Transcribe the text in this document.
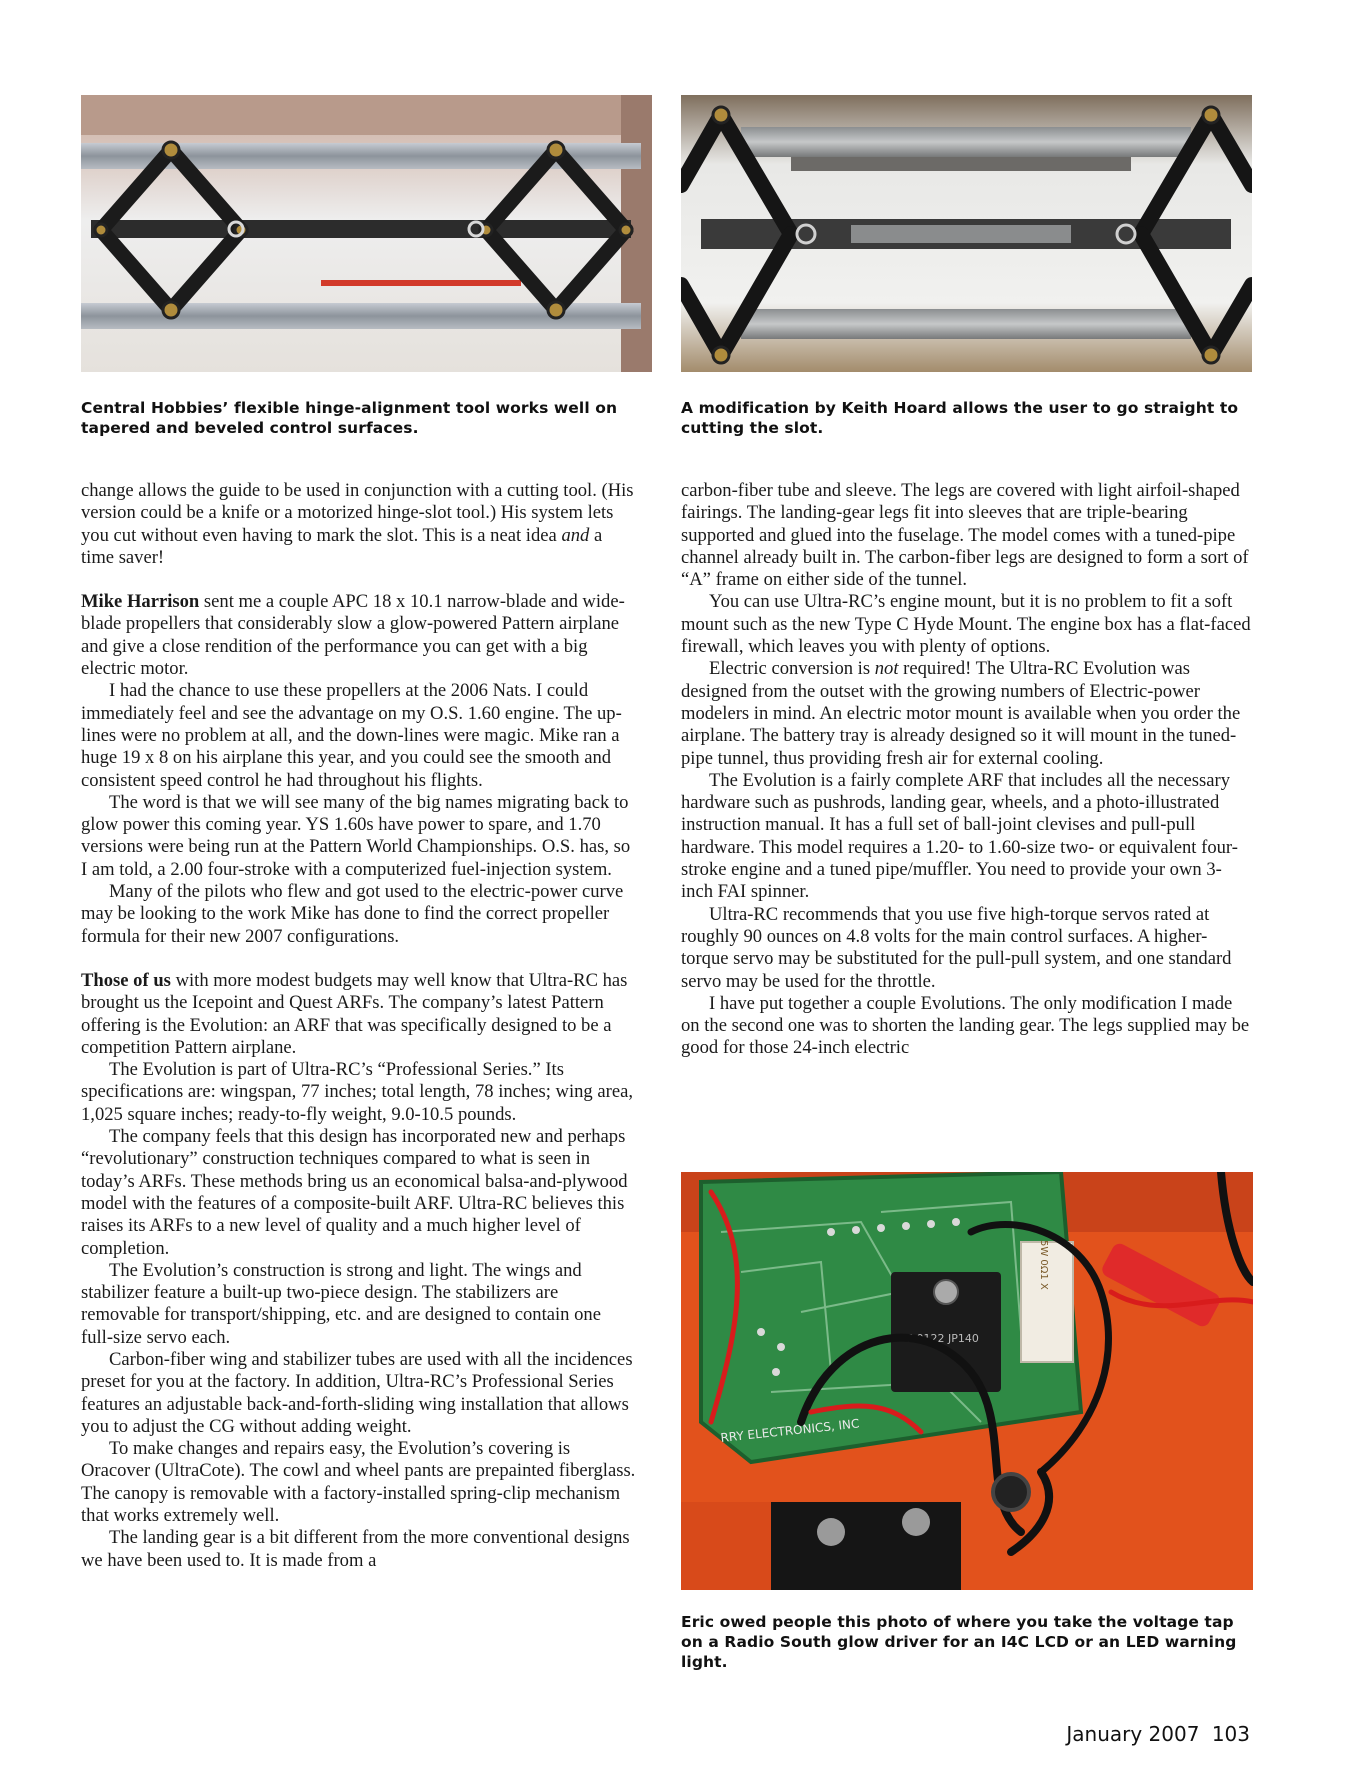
Central Hobbies’ flexible hinge-alignment tool works well on tapered and beveled control surfaces.
A modification by Keith Hoard allows the user to go straight to cutting the slot.

change allows the guide to be used in conjunction with a cutting tool. (His version could be a knife or a motorized hinge-slot tool.) His system lets you cut without even having to mark the slot. This is a neat idea and a time saver!

Mike Harrison sent me a couple APC 18 x 10.1 narrow-blade and wide-blade propellers that considerably slow a glow-powered Pattern airplane and give a close rendition of the performance you can get with a big electric motor.

I had the chance to use these propellers at the 2006 Nats. I could immediately feel and see the advantage on my O.S. 1.60 engine. The up-lines were no problem at all, and the down-lines were magic. Mike ran a huge 19 x 8 on his airplane this year, and you could see the smooth and consistent speed control he had throughout his flights.

The word is that we will see many of the big names migrating back to glow power this coming year. YS 1.60s have power to spare, and 1.70 versions were being run at the Pattern World Championships. O.S. has, so I am told, a 2.00 four-stroke with a computerized fuel-injection system.

Many of the pilots who flew and got used to the electric-power curve may be looking to the work Mike has done to find the correct propeller formula for their new 2007 configurations.

Those of us with more modest budgets may well know that Ultra-RC has brought us the Icepoint and Quest ARFs. The company’s latest Pattern offering is the Evolution: an ARF that was specifically designed to be a competition Pattern airplane.

The Evolution is part of Ultra-RC’s “Professional Series.” Its specifications are: wingspan, 77 inches; total length, 78 inches; wing area, 1,025 square inches; ready-to-fly weight, 9.0-10.5 pounds.

The company feels that this design has incorporated new and perhaps “revolutionary” construction techniques compared to what is seen in today’s ARFs. These methods bring us an economical balsa-and-plywood model with the features of a composite-built ARF. Ultra-RC believes this raises its ARFs to a new level of quality and a much higher level of completion.

The Evolution’s construction is strong and light. The wings and stabilizer feature a built-up two-piece design. The stabilizers are removable for transport/shipping, etc. and are designed to contain one full-size servo each.

Carbon-fiber wing and stabilizer tubes are used with all the incidences preset for you at the factory. In addition, Ultra-RC’s Professional Series features an adjustable back-and-forth-sliding wing installation that allows you to adjust the CG without adding weight.

To make changes and repairs easy, the Evolution’s covering is Oracover (UltraCote). The cowl and wheel pants are prepainted fiberglass. The canopy is removable with a factory-installed spring-clip mechanism that works extremely well.

The landing gear is a bit different from the more conventional designs we have been used to. It is made from a

carbon-fiber tube and sleeve. The legs are covered with light airfoil-shaped fairings. The landing-gear legs fit into sleeves that are triple-bearing supported and glued into the fuselage. The model comes with a tuned-pipe channel already built in. The carbon-fiber legs are designed to form a sort of “A” frame on either side of the tunnel.

You can use Ultra-RC’s engine mount, but it is no problem to fit a soft mount such as the new Type C Hyde Mount. The engine box has a flat-faced firewall, which leaves you with plenty of options.

Electric conversion is not required! The Ultra-RC Evolution was designed from the outset with the growing numbers of Electric-power modelers in mind. An electric motor mount is available when you order the airplane. The battery tray is already designed so it will mount in the tuned-pipe tunnel, thus providing fresh air for external cooling.

The Evolution is a fairly complete ARF that includes all the necessary hardware such as pushrods, landing gear, wheels, and a photo-illustrated instruction manual. It has a full set of ball-joint clevises and pull-pull hardware. This model requires a 1.20- to 1.60-size two- or equivalent four-stroke engine and a tuned pipe/muffler. You need to provide your own 3-inch FAI spinner.

Ultra-RC recommends that you use five high-torque servos rated at roughly 90 ounces on 4.8 volts for the main control surfaces. A higher-torque servo may be substituted for the pull-pull system, and one standard servo may be used for the throttle.

I have put together a couple Evolutions. The only modification I made on the second one was to shorten the landing gear. The legs supplied may be good for those 24-inch electric

7 0122 JP140
5W 0Ω1 X
RRY ELECTRONICS, INC
Eric owed people this photo of where you take the voltage tap on a Radio South glow driver for an I4C LCD or an LED warning light.
January 2007 103
